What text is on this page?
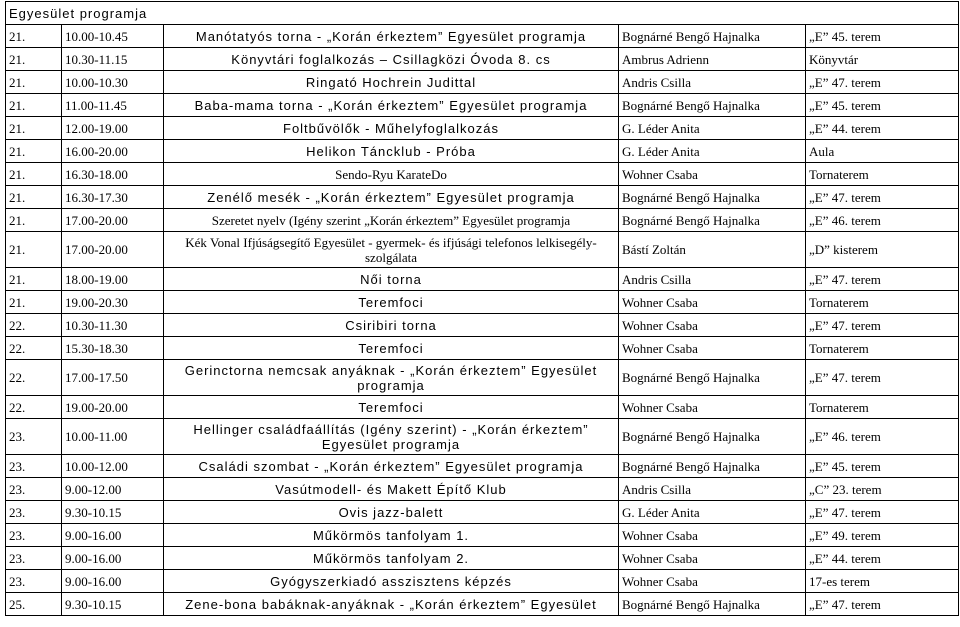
Egyesület programja				
21.	10.00-10.45	Manótatyós torna - „Korán érkeztem” Egyesület programja	Bognárné Bengő Hajnalka	„E” 45. terem
21.	10.30-11.15	Könyvtári foglalkozás – Csillagközi Óvoda 8. cs	Ambrus Adrienn	Könyvtár
21.	10.00-10.30	Ringató Hochrein Judittal	Andris Csilla	„E” 47. terem
21.	11.00-11.45	Baba-mama torna - „Korán érkeztem” Egyesület programja	Bognárné Bengő Hajnalka	„E” 45. terem
21.	12.00-19.00	Foltbűvölők - Műhelyfoglalkozás	G. Léder Anita	„E” 44. terem
21.	16.00-20.00	Helikon Táncklub - Próba	G. Léder Anita	Aula
21.	16.30-18.00	Sendo-Ryu KarateDo	Wohner Csaba	Tornaterem
21.	16.30-17.30	Zenélő mesék - „Korán érkeztem” Egyesület programja	Bognárné Bengő Hajnalka	„E” 47. terem
21.	17.00-20.00	Szeretet nyelv (Igény szerint „Korán érkeztem” Egyesület programja	Bognárné Bengő Hajnalka	„E” 46. terem
21.	17.00-20.00	Kék Vonal Ifjúságsegítő Egyesület - gyermek- és ifjúsági telefonos lelkisegély-szolgálata	Bástí Zoltán	„D” kisterem
21.	18.00-19.00	Női torna	Andris Csilla	„E” 47. terem
21.	19.00-20.30	Teremfoci	Wohner Csaba	Tornaterem
22.	10.30-11.30	Csiribiri torna	Wohner Csaba	„E” 47. terem
22.	15.30-18.30	Teremfoci	Wohner Csaba	Tornaterem
22.	17.00-17.50	Gerinctorna nemcsak anyáknak - „Korán érkeztem” Egyesület programja	Bognárné Bengő Hajnalka	„E” 47. terem
22.	19.00-20.00	Teremfoci	Wohner Csaba	Tornaterem
23.	10.00-11.00	Hellinger családfaállítás (Igény szerint) - „Korán érkeztem” Egyesület programja	Bognárné Bengő Hajnalka	„E” 46. terem
23.	10.00-12.00	Családi szombat - „Korán érkeztem” Egyesület programja	Bognárné Bengő Hajnalka	„E” 45. terem
23.	9.00-12.00	Vasútmodell- és Makett Építő Klub	Andris Csilla	„C” 23. terem
23.	9.30-10.15	Ovis jazz-balett	G. Léder Anita	„E” 47. terem
23.	9.00-16.00	Műkörmös tanfolyam 1.	Wohner Csaba	„E” 49. terem
23.	9.00-16.00	Műkörmös tanfolyam 2.	Wohner Csaba	„E” 44. terem
23.	9.00-16.00	Gyógyszerkiadó asszisztens képzés	Wohner Csaba	17-es terem
25.	9.30-10.15	Zene-bona babáknak-anyáknak - „Korán érkeztem” Egyesület	Bognárné Bengő Hajnalka	„E” 47. terem
